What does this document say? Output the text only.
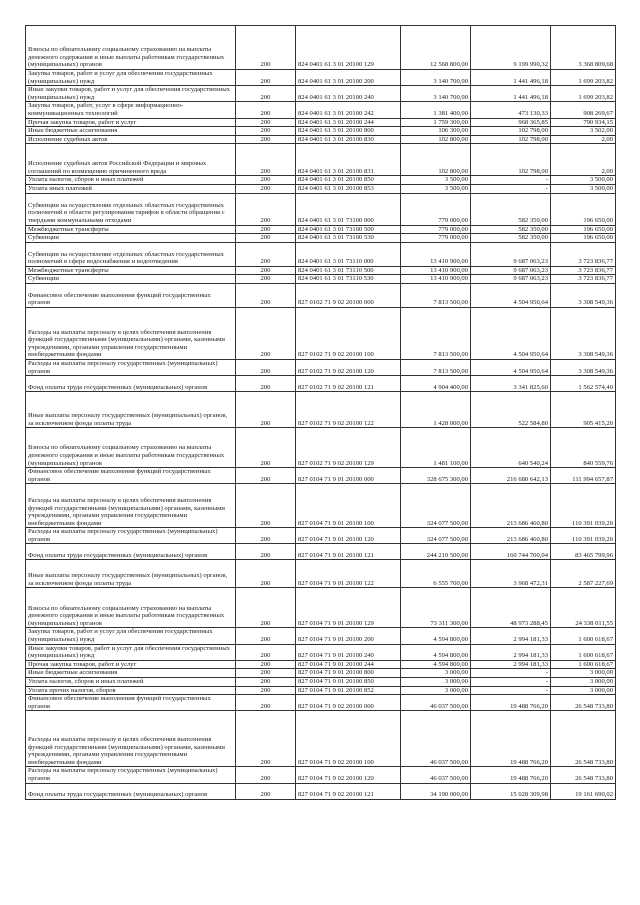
Взносы по обязательному социальному страхованию на выплаты денежного содержания и иные выплаты работникам государственных (муниципальных) органов	200	824 0401 61 3 01 20100 129	12 568 800,00	9 199 990,32	3 368 809,68
Закупка товаров, работ и услуг для обеспечения государственных (муниципальных) нужд	200	824 0401 61 3 01 20100 200	3 140 700,00	1 441 496,18	1 699 203,82
Иные закупки товаров, работ и услуг для обеспечения государственных (муниципальных) нужд	200	824 0401 61 3 01 20100 240	3 140 700,00	1 441 496,18	1 699 203,82
Закупка товаров, работ, услуг в сфере информационно-коммуникационных технологий	200	824 0401 61 3 01 20100 242	1 381 400,00	473 130,33	908 269,67
Прочая закупка товаров, работ и услуг	200	824 0401 61 3 01 20100 244	1 759 300,00	968 365,85	790 934,15
Иные бюджетные ассигнования	200	824 0401 61 3 01 20100 800	106 300,00	102 798,00	3 502,00
Исполнение судебных актов	200	824 0401 61 3 01 20100 830	102 800,00	102 798,00	2,00
Исполнение судебных актов Российской Федерации и мировых соглашений по возмещению причиненного вреда	200	824 0401 61 3 01 20100 831	102 800,00	102 798,00	2,00
Уплата налогов, сборов и иных платежей	200	824 0401 61 3 01 20100 850	3 500,00	-	3 500,00
Уплата иных платежей	200	824 0401 61 3 01 20100 853	3 500,00	-	3 500,00
Субвенции на осуществление отдельных областных государственных полномочий в области регулирования тарифов в области обращения с твердыми коммунальными отходами	200	824 0401 61 3 01 73100 000	779 000,00	582 350,00	196 650,00
Межбюджетные трансферты	200	824 0401 61 3 01 73100 500	779 000,00	582 350,00	196 650,00
Субвенции	200	824 0401 61 3 01 73100 530	779 000,00	582 350,00	196 650,00
Субвенции на осуществление отдельных областных государственных полномочий в сфере водоснабжения и водоотведения	200	824 0401 61 3 01 73110 000	13 410 900,00	9 687 063,23	3 723 836,77
Межбюджетные трансферты	200	824 0401 61 3 01 73110 500	13 410 900,00	9 687 063,23	3 723 836,77
Субвенции	200	824 0401 61 3 01 73110 530	13 410 900,00	9 687 063,23	3 723 836,77
Финансовое обеспечение выполнения функций государственных органов	200	827 0102 71 9 02 20100 000	7 813 500,00	4 504 950,64	3 308 549,36
Расходы на выплаты персоналу в целях обеспечения выполнения функций государственными (муниципальными) органами, казенными учреждениями, органами управления государственными внебюджетными фондами	200	827 0102 71 9 02 20100 100	7 813 500,00	4 504 950,64	3 308 549,36
Расходы на выплаты персоналу государственных (муниципальных) органов	200	827 0102 71 9 02 20100 120	7 813 500,00	4 504 950,64	3 308 549,36
Фонд оплаты труда государственных (муниципальных) органов	200	827 0102 71 9 02 20100 121	4 904 400,00	3 341 825,60	1 562 574,40
Иные выплаты персоналу государственных (муниципальных) органов, за исключением фонда оплаты труда	200	827 0102 71 9 02 20100 122	1 428 000,00	522 584,80	905 415,20
Взносы по обязательному социальному страхованию на выплаты денежного содержания и иные выплаты работникам государственных (муниципальных) органов	200	827 0102 71 9 02 20100 129	1 481 100,00	640 540,24	840 559,76
Финансовое обеспечение выполнения функций государственных органов	200	827 0104 71 9 01 20100 000	328 675 300,00	216 680 642,13	111 994 657,87
Расходы на выплаты персоналу в целях обеспечения выполнения функций государственными (муниципальными) органами, казенными учреждениями, органами управления государственными внебюджетными фондами	200	827 0104 71 9 01 20100 100	324 077 500,00	213 686 460,80	110 391 039,20
Расходы на выплаты персоналу государственных (муниципальных) органов	200	827 0104 71 9 01 20100 120	324 077 500,00	213 686 460,80	110 391 039,20
Фонд оплаты труда государственных (муниципальных) органов	200	827 0104 71 9 01 20100 121	244 210 500,00	160 744 700,04	83 465 799,96
Иные выплаты персоналу государственных (муниципальных) органов, за исключением фонда оплаты труда	200	827 0104 71 9 01 20100 122	6 555 700,00	3 968 472,31	2 587 227,69
Взносы по обязательному социальному страхованию на выплаты денежного содержания и иные выплаты работникам государственных (муниципальных) органов	200	827 0104 71 9 01 20100 129	73 311 300,00	48 973 288,45	24 338 011,55
Закупка товаров, работ и услуг для обеспечения государственных (муниципальных) нужд	200	827 0104 71 9 01 20100 200	4 594 800,00	2 994 181,33	1 600 618,67
Иные закупки товаров, работ и услуг для обеспечения государственных (муниципальных) нужд	200	827 0104 71 9 01 20100 240	4 594 800,00	2 994 181,33	1 600 618,67
Прочая закупка товаров, работ и услуг	200	827 0104 71 9 01 20100 244	4 594 800,00	2 994 181,33	1 600 618,67
Иные бюджетные ассигнования	200	827 0104 71 9 01 20100 800	3 000,00	-	3 000,00
Уплата налогов, сборов и иных платежей	200	827 0104 71 9 01 20100 850	3 000,00	-	3 000,00
Уплата прочих налогов, сборов	200	827 0104 71 9 01 20100 852	3 000,00	-	3 000,00
Финансовое обеспечение выполнения функций государственных органов	200	827 0104 71 9 02 20100 000	46 037 500,00	19 488 766,20	26 548 733,80
Расходы на выплаты персоналу в целях обеспечения выполнения функций государственными (муниципальными) органами, казенными учреждениями, органами управления государственными внебюджетными фондами	200	827 0104 71 9 02 20100 100	46 037 500,00	19 488 766,20	26 548 733,80
Расходы на выплаты персоналу государственных (муниципальных) органов	200	827 0104 71 9 02 20100 120	46 037 500,00	19 488 766,20	26 548 733,80
Фонд оплаты труда государственных (муниципальных) органов	200	827 0104 71 9 02 20100 121	34 190 000,00	15 028 309,98	19 161 690,02
